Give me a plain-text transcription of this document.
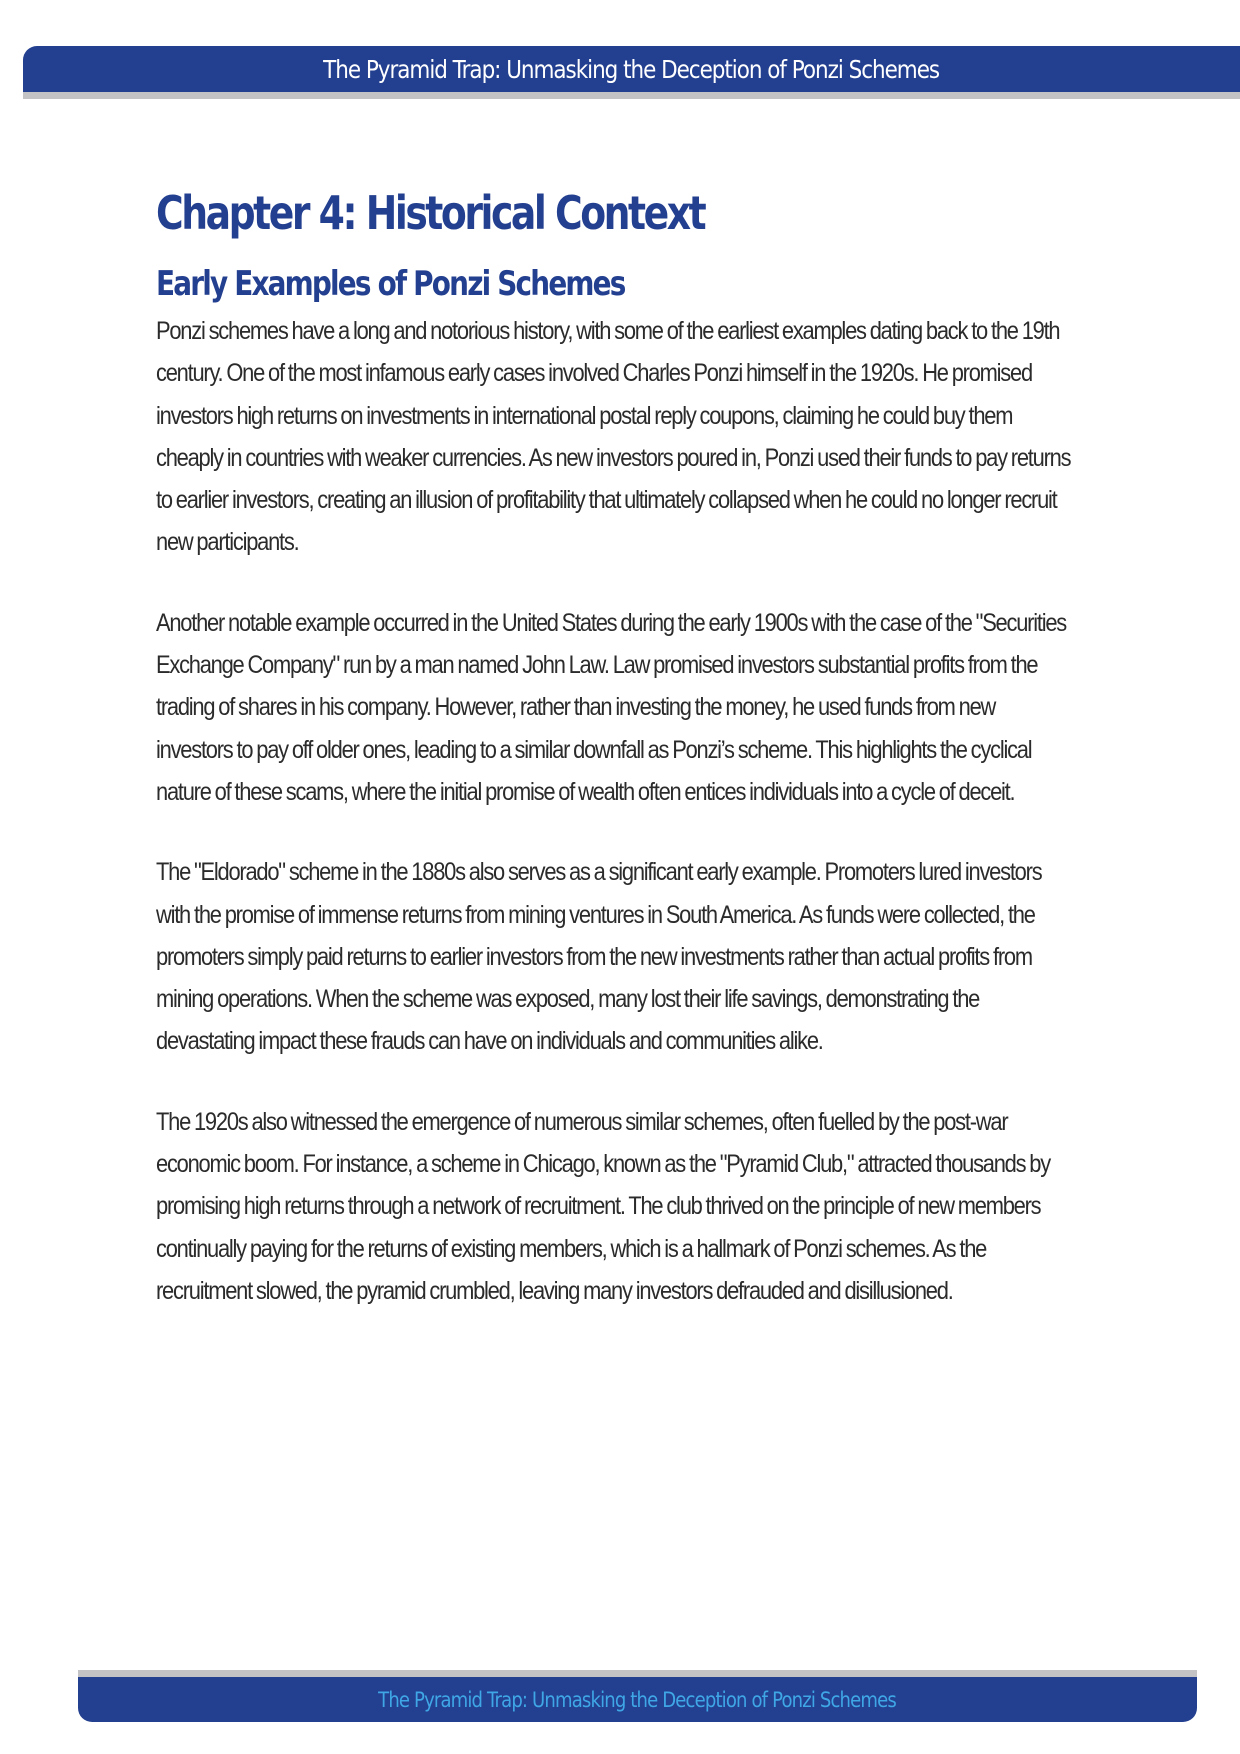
The Pyramid Trap: Unmasking the Deception of Ponzi Schemes
Chapter 4: Historical Context
Early Examples of Ponzi Schemes

Ponzi schemes have a long and notorious history, with some of the earliest examples dating back to the 19th century. One of the most infamous early cases involved Charles Ponzi himself in the 1920s. He promised investors high returns on investments in international postal reply coupons, claiming he could buy them cheaply in countries with weaker currencies. As new investors poured in, Ponzi used their funds to pay returns to earlier investors, creating an illusion of profitability that ultimately collapsed when he could no longer recruit new participants.

Another notable example occurred in the United States during the early 1900s with the case of the "Securities Exchange Company" run by a man named John Law. Law promised investors substantial profits from the trading of shares in his company. However, rather than investing the money, he used funds from new investors to pay off older ones, leading to a similar downfall as Ponzi’s scheme. This highlights the cyclical nature of these scams, where the initial promise of wealth often entices individuals into a cycle of deceit.

The "Eldorado" scheme in the 1880s also serves as a significant early example. Promoters lured investors with the promise of immense returns from mining ventures in South America. As funds were collected, the promoters simply paid returns to earlier investors from the new investments rather than actual profits from mining operations. When the scheme was exposed, many lost their life savings, demonstrating the devastating impact these frauds can have on individuals and communities alike.

The 1920s also witnessed the emergence of numerous similar schemes, often fuelled by the post-war economic boom. For instance, a scheme in Chicago, known as the "Pyramid Club," attracted thousands by promising high returns through a network of recruitment. The club thrived on the principle of new members continually paying for the returns of existing members, which is a hallmark of Ponzi schemes. As the recruitment slowed, the pyramid crumbled, leaving many investors defrauded and disillusioned.

The Pyramid Trap: Unmasking the Deception of Ponzi Schemes
